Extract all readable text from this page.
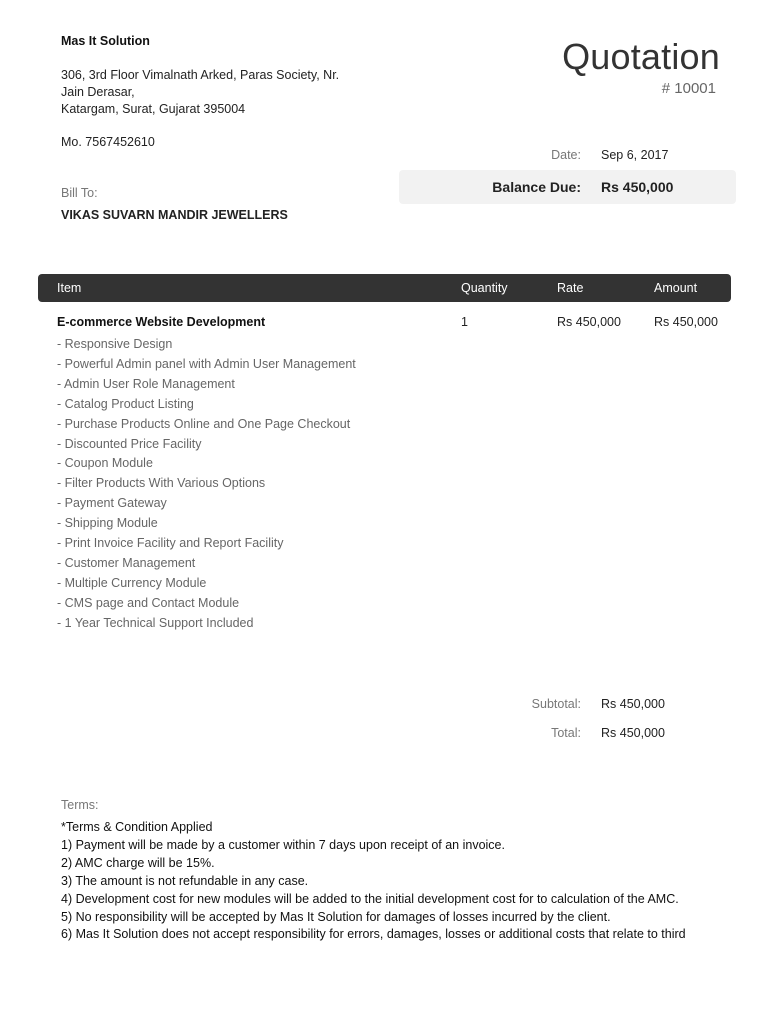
Mas It Solution
306, 3rd Floor Vimalnath Arked, Paras Society, Nr.
Jain Derasar,
Katargam, Surat, Gujarat 395004
Mo. 7567452610
Quotation
# 10001
Date: Sep 6, 2017
Balance Due: Rs 450,000
Bill To:
VIKAS SUVARN MANDIR JEWELLERS
Item	Quantity	Rate	Amount
E-commerce Website Development	1	Rs 450,000	Rs 450,000
- Responsive Design
- Powerful Admin panel with Admin User Management
- Admin User Role Management
- Catalog Product Listing
- Purchase Products Online and One Page Checkout
- Discounted Price Facility
- Coupon Module
- Filter Products With Various Options
- Payment Gateway
- Shipping Module
- Print Invoice Facility and Report Facility
- Customer Management
- Multiple Currency Module
- CMS page and Contact Module
- 1 Year Technical Support Included
Subtotal: Rs 450,000
Total: Rs 450,000
Terms:
*Terms & Condition Applied
1) Payment will be made by a customer within 7 days upon receipt of an invoice.
2) AMC charge will be 15%.
3) The amount is not refundable in any case.
4) Development cost for new modules will be added to the initial development cost for to calculation of the AMC.
5) No responsibility will be accepted by Mas It Solution for damages of losses incurred by the client.
6) Mas It Solution does not accept responsibility for errors, damages, losses or additional costs that relate to third
